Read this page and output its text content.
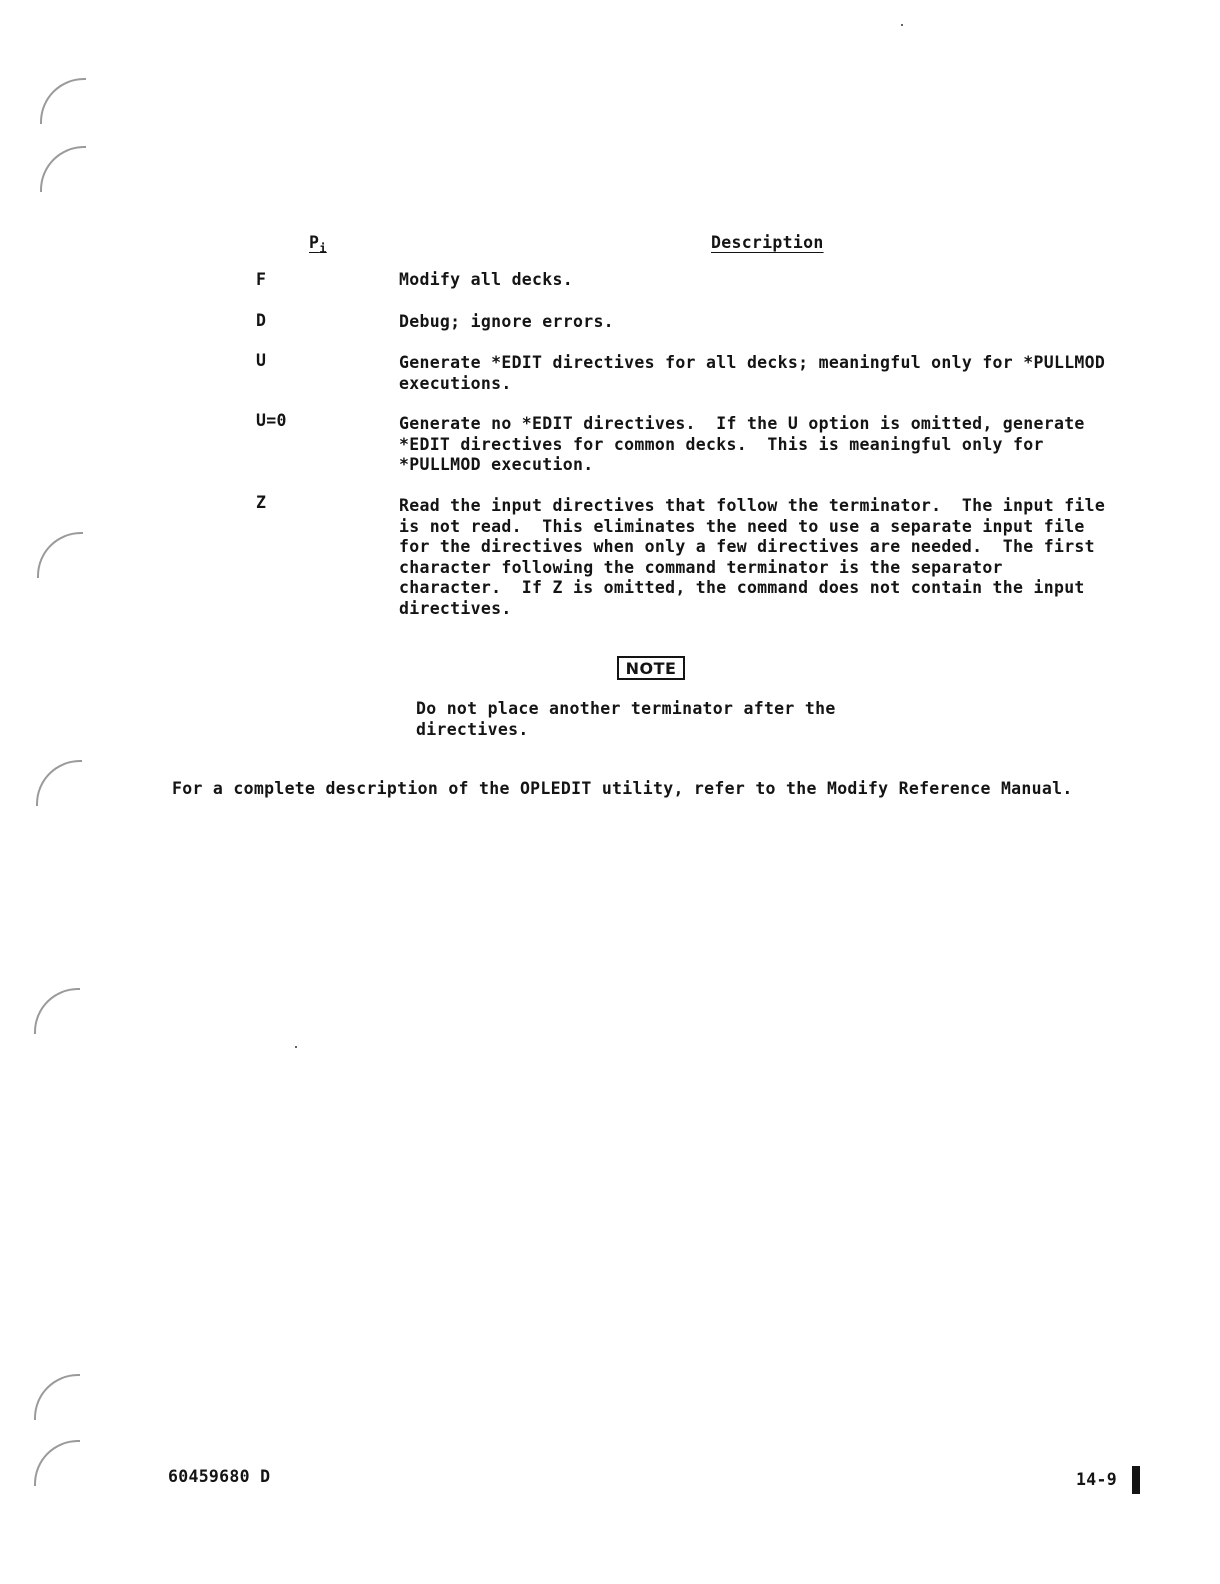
$P_i$	Description
F	Modify all decks.
D	Debug; ignore errors.
U	Generate *EDIT directives for all decks; meaningful only for *PULLMOD
executions.
U=0	Generate no *EDIT directives.  If the U option is omitted, generate
*EDIT directives for common decks.  This is meaningful only for
*PULLMOD execution.
Z	Read the input directives that follow the terminator.  The input file
is not read.  This eliminates the need to use a separate input file
for the directives when only a few directives are needed.  The first
character following the command terminator is the separator
character.  If Z is omitted, the command does not contain the input
directives.
NOTE
Do not place another terminator after the
directives.
For a complete description of the OPLEDIT utility, refer to the Modify Reference Manual.
60459680 D	14-9
